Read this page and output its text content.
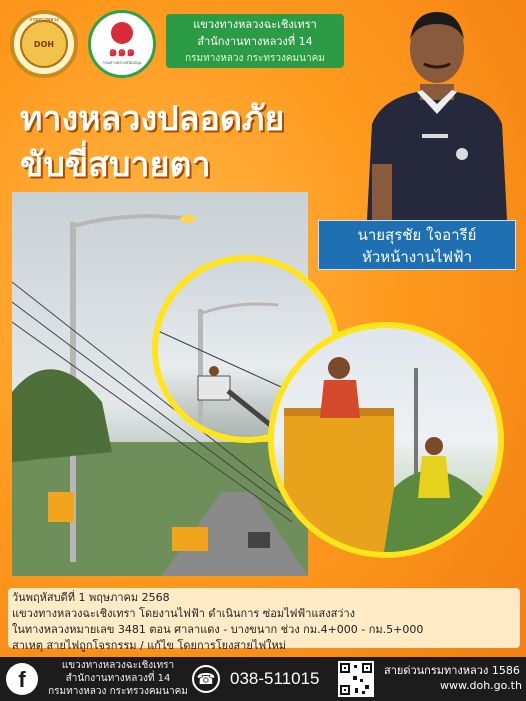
กรมทางหลวง
DOH	๑๑๑
กรมทางหลวงสนับสนุน
แขวงทางหลวงฉะเชิงเทรา
สำนักงานทางหลวงที่ 14
กรมทางหลวง กระทรวงคมนาคม
ทางหลวงปลอดภัย
ขับขี่สบายตา
นายสุรชัย ใจอารีย์
หัวหน้างานไฟฟ้า
วันพฤหัสบดีที่ 1 พฤษภาคม 2568
แขวงทางหลวงฉะเชิงเทรา โดยงานไฟฟ้า ดำเนินการ ซ่อมไฟฟ้าแสงสว่าง
ในทางหลวงหมายเลข 3481 ตอน ศาลาแดง - บางขนาก ช่วง กม.4+000 - กม.5+000
สาเหตุ สายไฟถูกโจรกรรม / แก้ไข โดยการโยงสายไฟใหม่
f
แขวงทางหลวงฉะเชิงเทรา
สำนักงานทางหลวงที่ 14
กรมทางหลวง กระทรวงคมนาคม
☎ 038-511015	สายด่วนกรมทางหลวง 1586
www.doh.go.th
